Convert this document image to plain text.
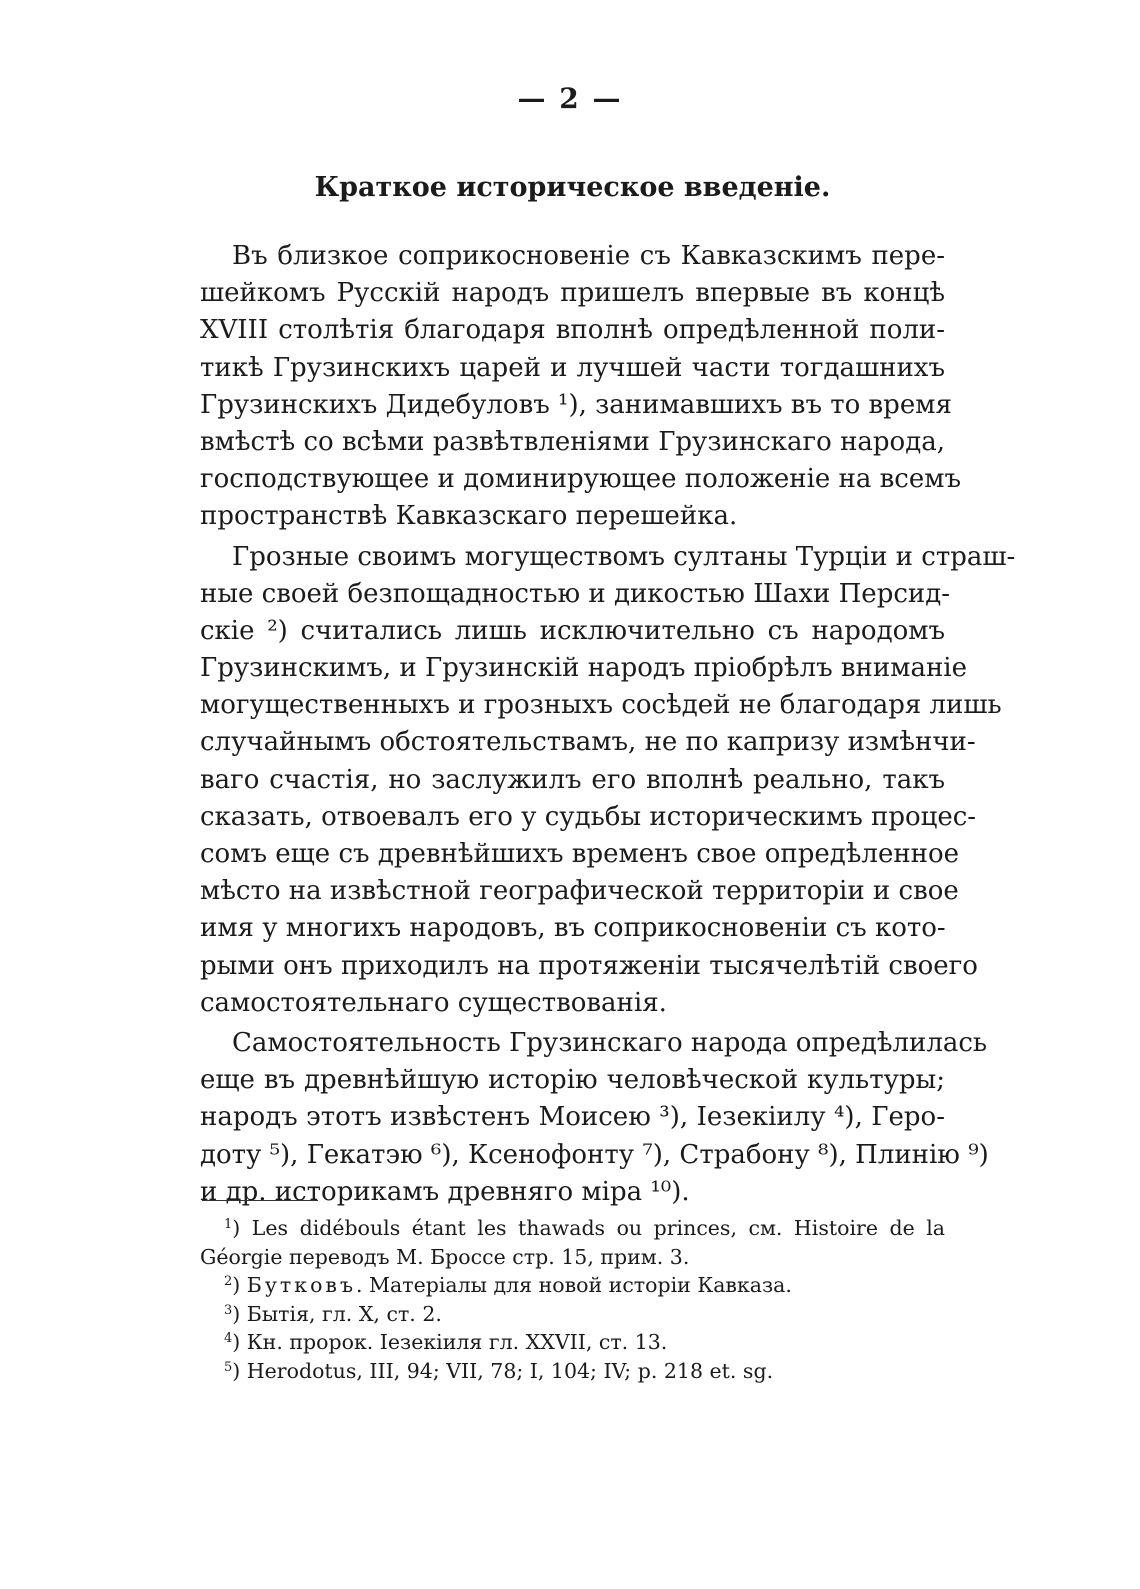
— 2 —
Краткое историческое введеніе.
Въ близкое соприкосновеніе съ Кавказскимъ пере-
шейкомъ Русскій народъ пришелъ впервые въ концѣ
XVIII столѣтія благодаря вполнѣ опредѣленной поли-
тикѣ Грузинскихъ царей и лучшей части тогдашнихъ
Грузинскихъ Дидебуловъ ¹), занимавшихъ въ то время
вмѣстѣ со всѣми развѣтвленіями Грузинскаго народа,
господствующее и доминирующее положеніе на всемъ
пространствѣ Кавказскаго перешейка.
Грозные своимъ могуществомъ султаны Турціи и страш-
ные своей безпощадностью и дикостью Шахи Персид-
скіе ²) считались лишь исключительно съ народомъ
Грузинскимъ, и Грузинскій народъ пріобрѣлъ вниманіе
могущественныхъ и грозныхъ сосѣдей не благодаря лишь
случайнымъ обстоятельствамъ, не по капризу измѣнчи-
ваго счастія, но заслужилъ его вполнѣ реально, такъ
сказать, отвоевалъ его у судьбы историческимъ процес-
сомъ еще съ древнѣйшихъ временъ свое опредѣленное
мѣсто на извѣстной географической территоріи и свое
имя у многихъ народовъ, въ соприкосновеніи съ кото-
рыми онъ приходилъ на протяженіи тысячелѣтій своего
самостоятельнаго существованія.
Самостоятельность Грузинскаго народа опредѣлилась
еще въ древнѣйшую исторію человѣческой культуры;
народъ этотъ извѣстенъ Моисею ³), Іезекіилу ⁴), Геро-
доту ⁵), Гекатэю ⁶), Ксенофонту ⁷), Страбону ⁸), Плинію ⁹)
и др. историкамъ древняго міра ¹⁰).
$^1$) Les didébouls étant les thawads ou princes, см. Histoire de la
Géorgie переводъ М. Броссе стр. 15, прим. 3.
$^2$) Бутковъ. Матеріалы для новой исторіи Кавказа.
$^3$) Бытія, гл. X, ст. 2.
$^4$) Кн. пророк. Іезекіиля гл. XXVII, ст. 13.
$^5$) Herodotus, III, 94; VII, 78; I, 104; IV; p. 218 et. sg.
